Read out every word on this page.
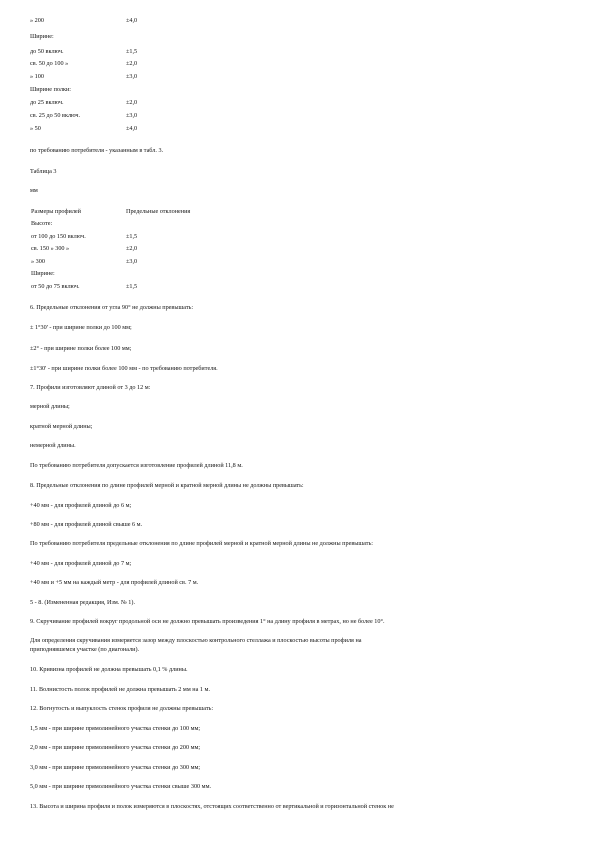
» 200	±4,0
Ширине:
до 50 включ.	±1,5
св. 50 до 100 »	±2,0
» 100	±3,0
Ширине полки:
до 25 включ.	±2,0
св. 25 до 50 включ.	±3,0
» 50	±4,0
по требованию потребителя - указанным в табл. 3.
Таблица 3
мм
Размеры профилей	Предельные отклонения
Высоте:
от 100 до 150 включ.	±1,5
св. 150 » 300 »	±2,0
» 300	±3,0
Ширине:
от 50 до 75 включ.	±1,5
6. Предельные отклонения от угла 90° не должны превышать:
± 1°30' - при ширине полки до 100 мм;
±2° - при ширине полки более 100 мм;
±1°30' - при ширине полки более 100 мм - по требованию потребителя.
7. Профили изготовляют длиной от 3 до 12 м:
мерной длины;
кратной мерной длины;
немерной длины.
По требованию потребителя допускается изготовление профилей длиной 11,8 м.
8. Предельные отклонения по длине профилей мерной и кратной мерной длины не должны превышать:
+40 мм - для профилей длиной до 6 м;
+80 мм - для профилей длиной свыше 6 м.
По требованию потребителя предельные отклонения по длине профилей мерной и кратной мерной длины не должны превышать:
+40 мм - для профилей длиной до 7 м;
+40 мм и +5 мм на каждый метр - для профилей длиной св. 7 м.
5 - 8. (Измененная редакция, Изм. № 1).
9. Скручивание профилей вокруг продольной оси не должно превышать произведения 1° на длину профиля в метрах, но не более 10°.
Для определения скручивания измеряется зазор между плоскостью контрольного стеллажа и плоскостью высоты профиля на
приподнявшемся участке (по диагонали).
10. Кривизна профилей не должна превышать 0,1 % длины.
11. Волнистость полок профилей не должна превышать 2 мм на 1 м.
12. Вогнутость и выпуклость стенок профиля не должны превышать:
1,5 мм - при ширине прямолинейного участка стенки до 100 мм;
2,0 мм - при ширине прямолинейного участка стенки до 200 мм;
3,0 мм - при ширине прямолинейного участка стенки до 300 мм;
5,0 мм - при ширине прямолинейного участка стенки свыше 300 мм.
13. Высота и ширина профиля и полок измеряются в плоскостях, отстоящих соответственно от вертикальной и горизонтальной стенок не
